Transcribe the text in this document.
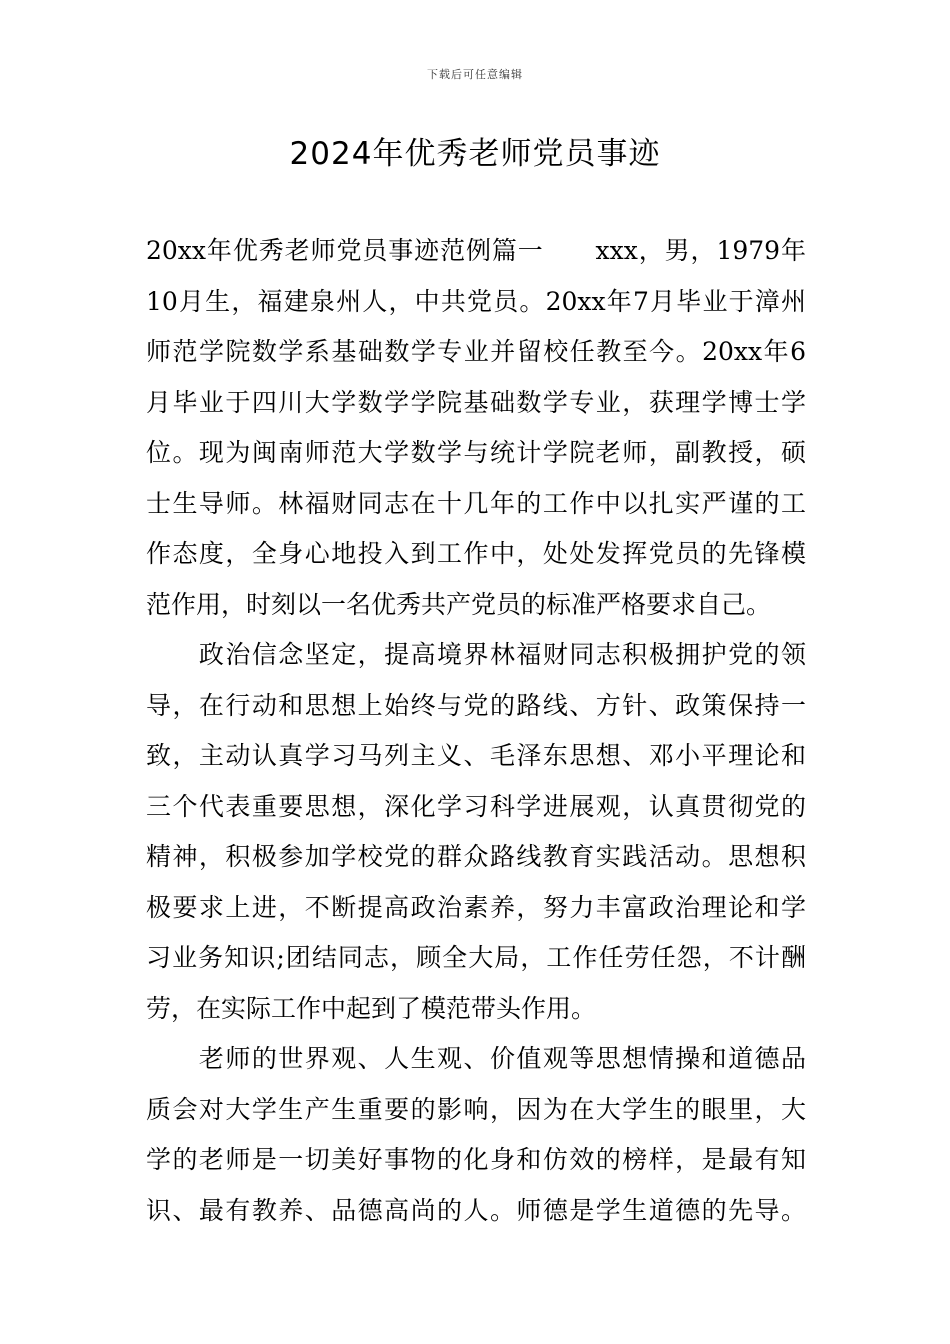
下载后可任意编辑
2024年优秀老师党员事迹
20xx年优秀老师党员事迹范例篇一　　xxx，男，1979年
10月生，福建泉州人，中共党员。20xx年7月毕业于漳州
师范学院数学系基础数学专业并留校任教至今。20xx年6
月毕业于四川大学数学学院基础数学专业，获理学博士学
位。现为闽南师范大学数学与统计学院老师，副教授，硕
士生导师。林福财同志在十几年的工作中以扎实严谨的工
作态度，全身心地投入到工作中，处处发挥党员的先锋模
范作用，时刻以一名优秀共产党员的标准严格要求自己。
　　政治信念坚定，提高境界林福财同志积极拥护党的领
导，在行动和思想上始终与党的路线、方针、政策保持一
致，主动认真学习马列主义、毛泽东思想、邓小平理论和
三个代表重要思想，深化学习科学进展观，认真贯彻党的
精神，积极参加学校党的群众路线教育实践活动。思想积
极要求上进，不断提高政治素养，努力丰富政治理论和学
习业务知识;团结同志，顾全大局，工作任劳任怨，不计酬
劳，在实际工作中起到了模范带头作用。
　　老师的世界观、人生观、价值观等思想情操和道德品
质会对大学生产生重要的影响，因为在大学生的眼里，大
学的老师是一切美好事物的化身和仿效的榜样，是最有知
识、最有教养、品德高尚的人。师德是学生道德的先导。
